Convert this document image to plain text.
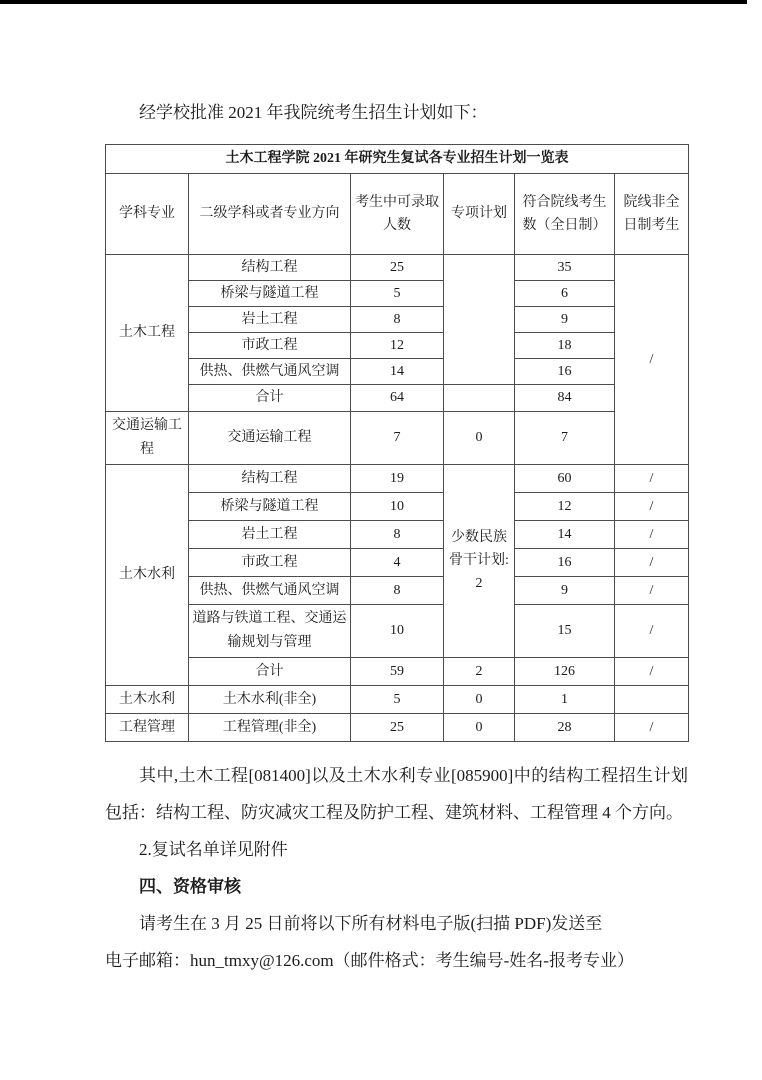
经学校批准 2021 年我院统考生招生计划如下：

土木工程学院 2021 年研究生复试各专业招生计划一览表					
学科专业	二级学科或者专业方向	考生中可录取人数	专项计划	符合院线考生数（全日制）	院线非全日制考生
土木工程	结构工程	25		35	/
	桥梁与隧道工程	5		6	
	岩土工程	8		9	
	市政工程	12		18	
	供热、供燃气通风空调	14		16	
	合计	64		84	
交通运输工程	交通运输工程	7	0	7	
土木水利	结构工程	19	少数民族骨干计划: 2	60	/
	桥梁与隧道工程	10		12	/
	岩土工程	8		14	/
	市政工程	4		16	/
	供热、供燃气通风空调	8		9	/
	道路与铁道工程、交通运输规划与管理	10		15	/
	合计	59	2	126	/
土木水利	土木水利(非全)	5	0	1	
工程管理	工程管理(非全)	25	0	28	/

其中,土木工程[081400]以及土木水利专业[085900]中的结构工程招生计划包括：结构工程、防灾减灾工程及防护工程、建筑材料、工程管理 4 个方向。

2.复试名单详见附件

四、资格审核

请考生在 3 月 25 日前将以下所有材料电子版(扫描 PDF)发送至

电子邮箱：hun_tmxy@126.com（邮件格式：考生编号-姓名-报考专业）
